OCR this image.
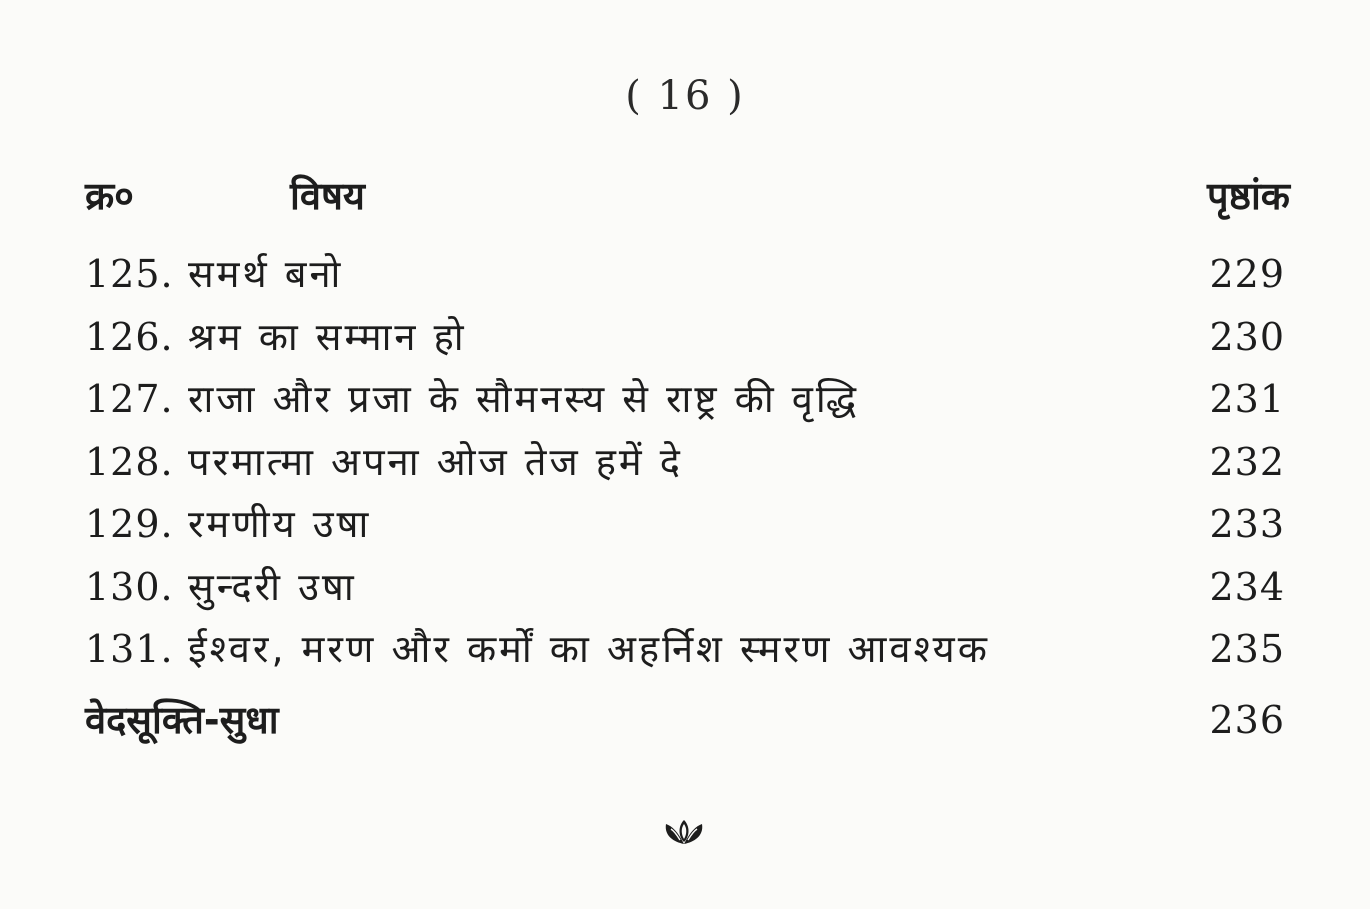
( 16 )
क्र०	विषय	पृष्ठांक
125. समर्थ बनो	229
126. श्रम का सम्मान हो	230
127. राजा और प्रजा के सौमनस्य से राष्ट्र की वृद्धि	231
128. परमात्मा अपना ओज तेज हमें दे	232
129. रमणीय उषा	233
130. सुन्दरी उषा	234
131. ईश्वर, मरण और कर्मों का अहर्निश स्मरण आवश्यक	235
वेदसूक्ति-सुधा	236
